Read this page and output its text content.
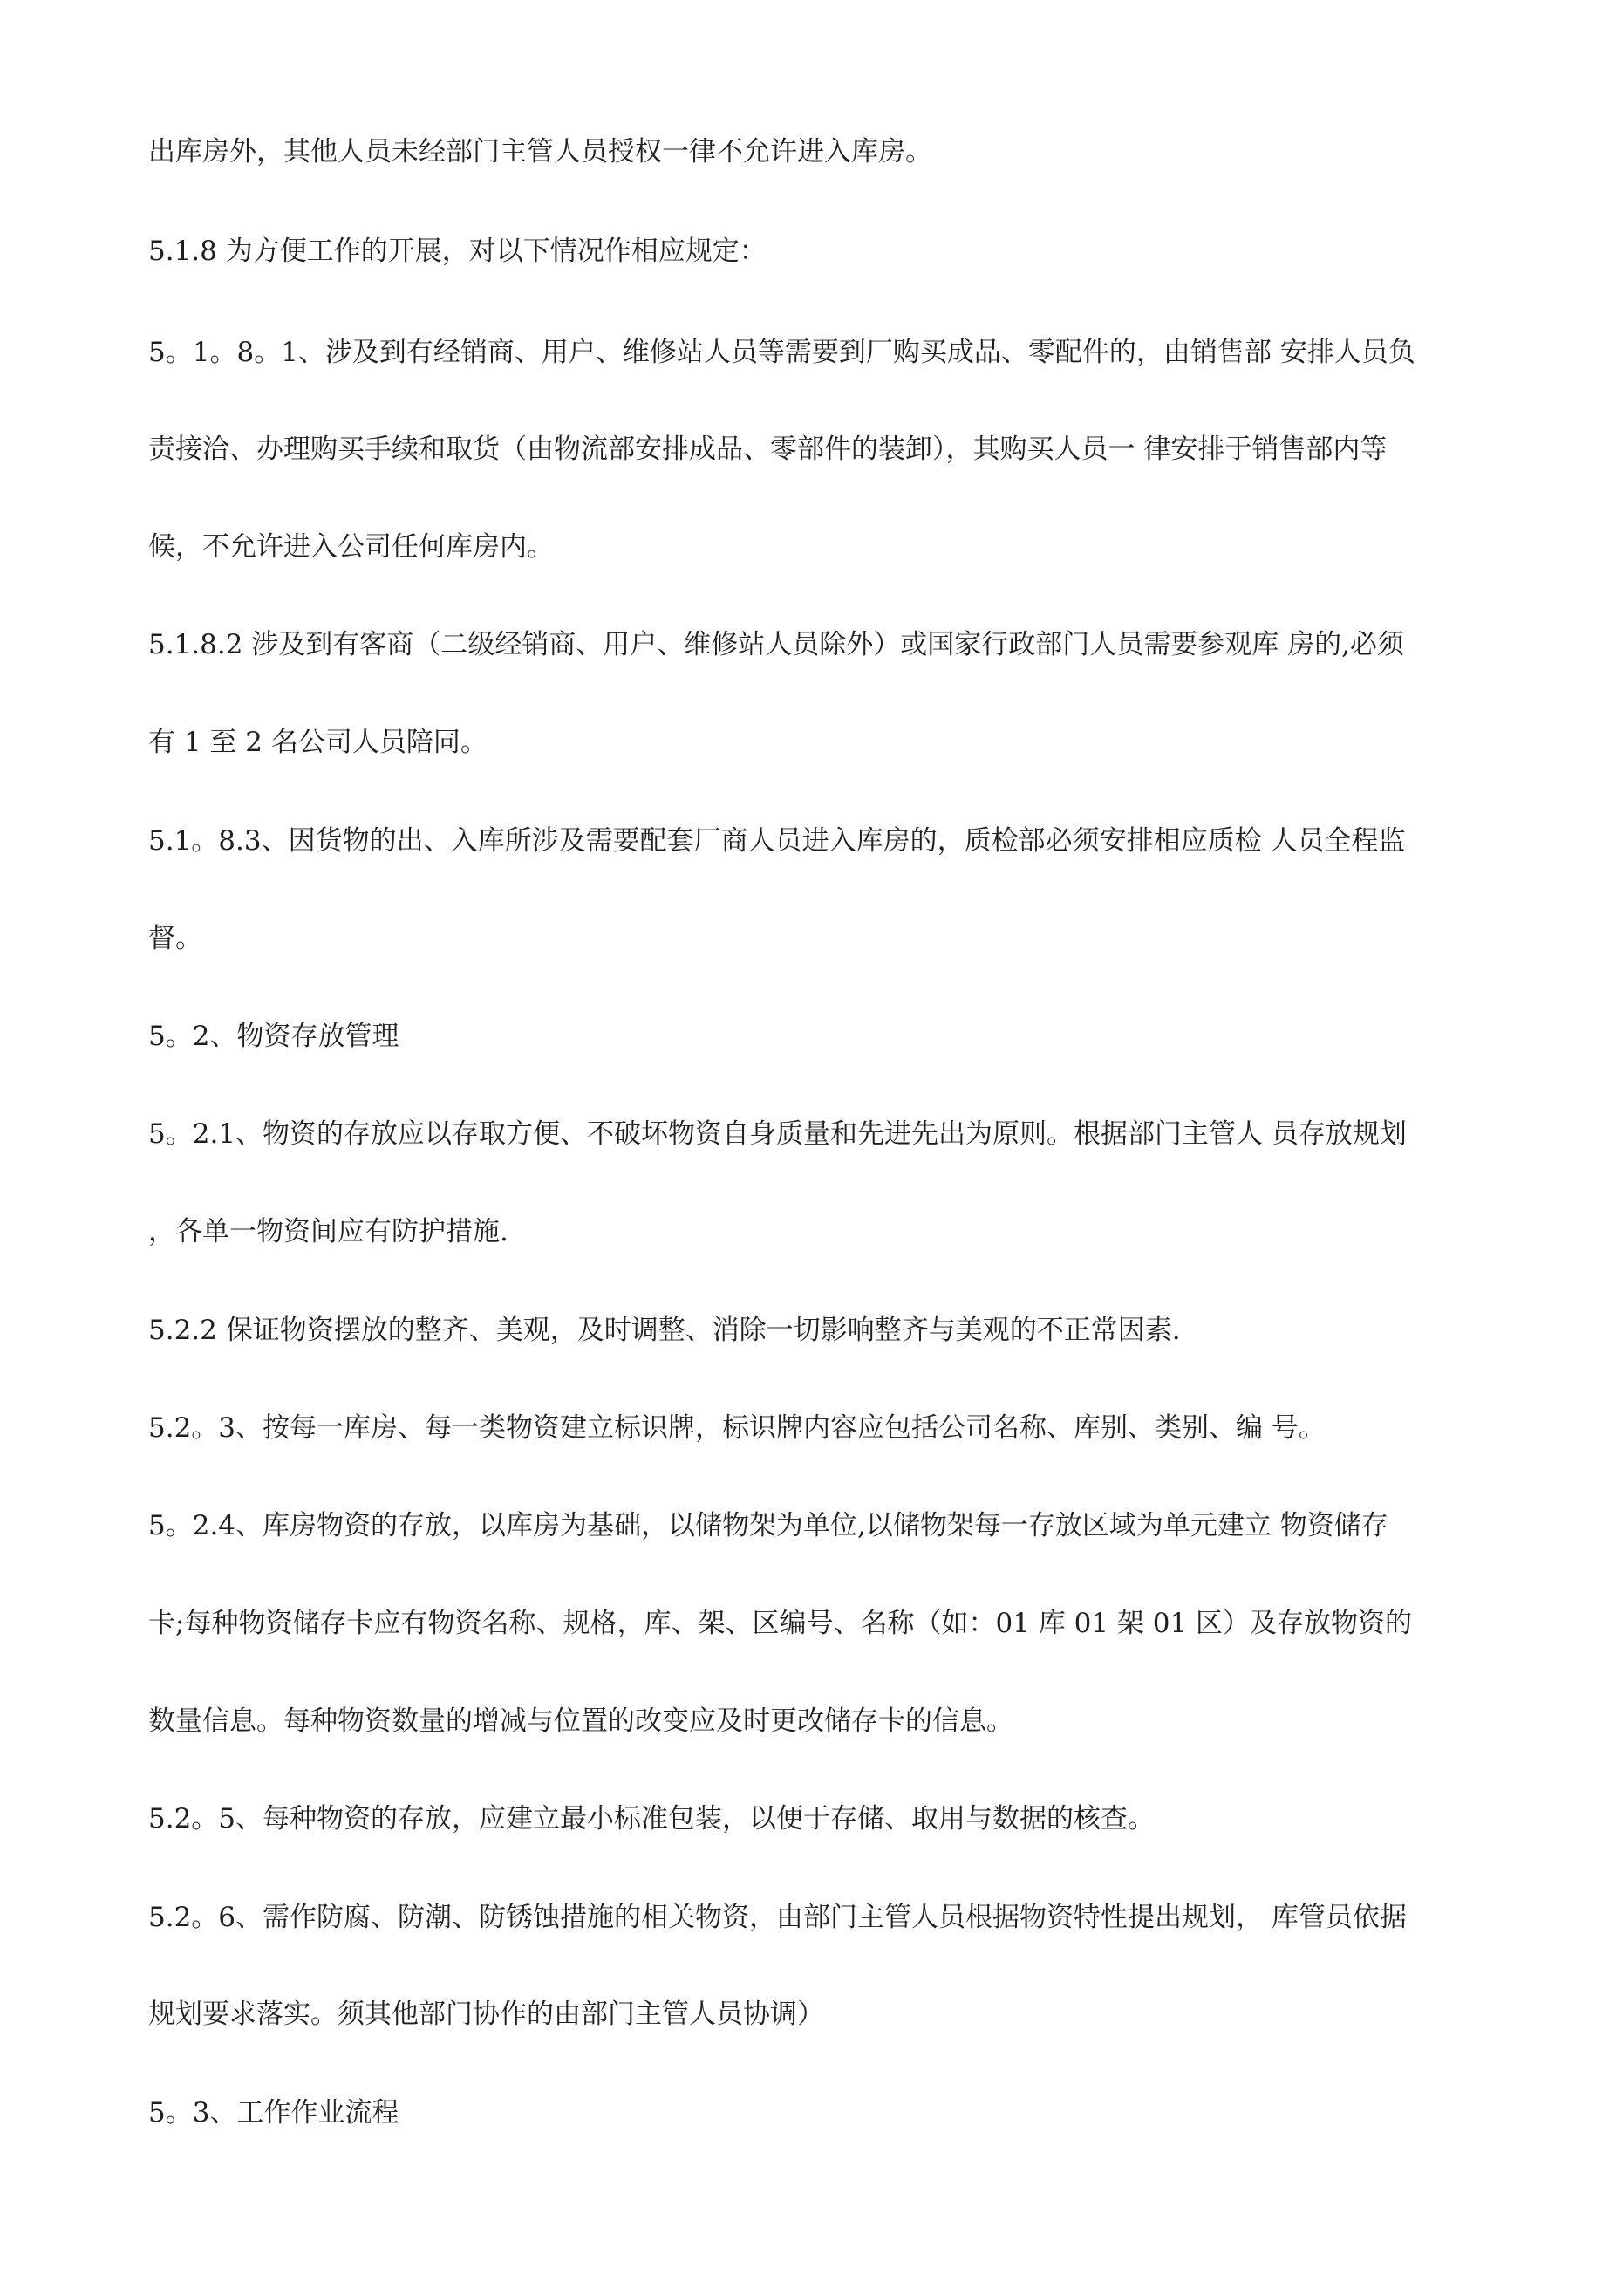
出库房外，其他人员未经部门主管人员授权一律不允许进入库房。
5.1.8 为方便工作的开展，对以下情况作相应规定：
5。1。8。1、涉及到有经销商、用户、维修站人员等需要到厂购买成品、零配件的，由销售部 安排人员负
责接洽、办理购买手续和取货（由物流部安排成品、零部件的装卸），其购买人员一 律安排于销售部内等
候，不允许进入公司任何库房内。
5.1.8.2 涉及到有客商（二级经销商、用户、维修站人员除外）或国家行政部门人员需要参观库 房的,必须
有 1 至 2 名公司人员陪同。
5.1。8.3、因货物的出、入库所涉及需要配套厂商人员进入库房的，质检部必须安排相应质检 人员全程监
督。
5。2、物资存放管理
5。2.1、物资的存放应以存取方便、不破坏物资自身质量和先进先出为原则。根据部门主管人 员存放规划
，各单一物资间应有防护措施.
5.2.2 保证物资摆放的整齐、美观，及时调整、消除一切影响整齐与美观的不正常因素.
5.2。3、按每一库房、每一类物资建立标识牌，标识牌内容应包括公司名称、库别、类别、编 号。
5。2.4、库房物资的存放，以库房为基础，以储物架为单位,以储物架每一存放区域为单元建立 物资储存
卡;每种物资储存卡应有物资名称、规格，库、架、区编号、名称（如：01 库 01 架 01 区）及存放物资的
数量信息。每种物资数量的增减与位置的改变应及时更改储存卡的信息。
5.2。5、每种物资的存放，应建立最小标准包装，以便于存储、取用与数据的核查。
5.2。6、需作防腐、防潮、防锈蚀措施的相关物资，由部门主管人员根据物资特性提出规划， 库管员依据
规划要求落实。须其他部门协作的由部门主管人员协调）
5。3、工作作业流程
